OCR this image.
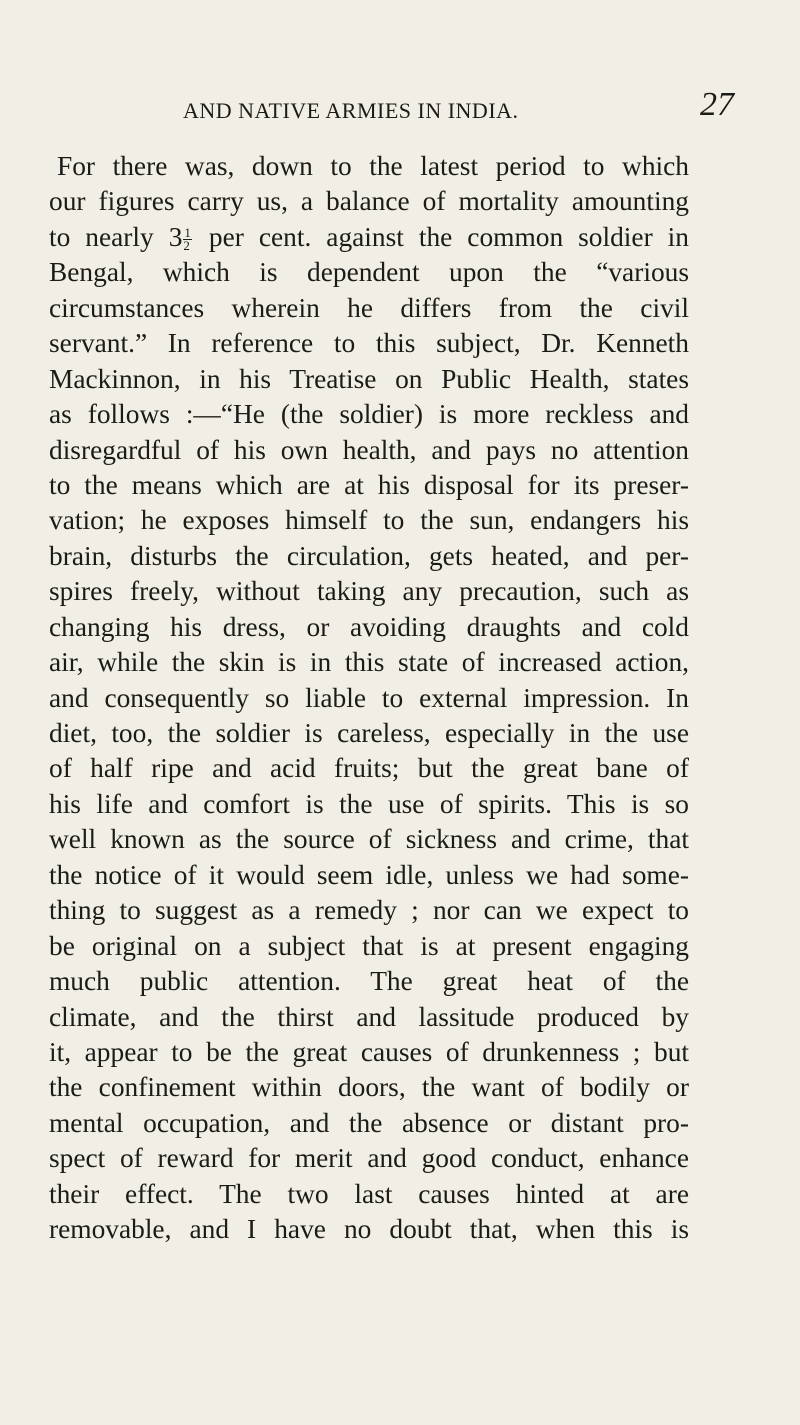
AND NATIVE ARMIES IN INDIA.	27
For there was, down to the latest period to which
our figures carry us, a balance of mortality amounting
to nearly $3 \frac{1}{2}$ per cent. against the common soldier in
Bengal, which is dependent upon the “various
circumstances wherein he differs from the civil
servant.” In reference to this subject, Dr. Kenneth
Mackinnon, in his Treatise on Public Health, states
as follows :—“He (the soldier) is more reckless and
disregardful of his own health, and pays no attention
to the means which are at his disposal for its preser-
vation; he exposes himself to the sun, endangers his
brain, disturbs the circulation, gets heated, and per-
spires freely, without taking any precaution, such as
changing his dress, or avoiding draughts and cold
air, while the skin is in this state of increased action,
and consequently so liable to external impression. In
diet, too, the soldier is careless, especially in the use
of half ripe and acid fruits; but the great bane of
his life and comfort is the use of spirits. This is so
well known as the source of sickness and crime, that
the notice of it would seem idle, unless we had some-
thing to suggest as a remedy ; nor can we expect to
be original on a subject that is at present engaging
much public attention. The great heat of the
climate, and the thirst and lassitude produced by
it, appear to be the great causes of drunkenness ; but
the confinement within doors, the want of bodily or
mental occupation, and the absence or distant pro-
spect of reward for merit and good conduct, enhance
their effect. The two last causes hinted at are
removable, and I have no doubt that, when this is
